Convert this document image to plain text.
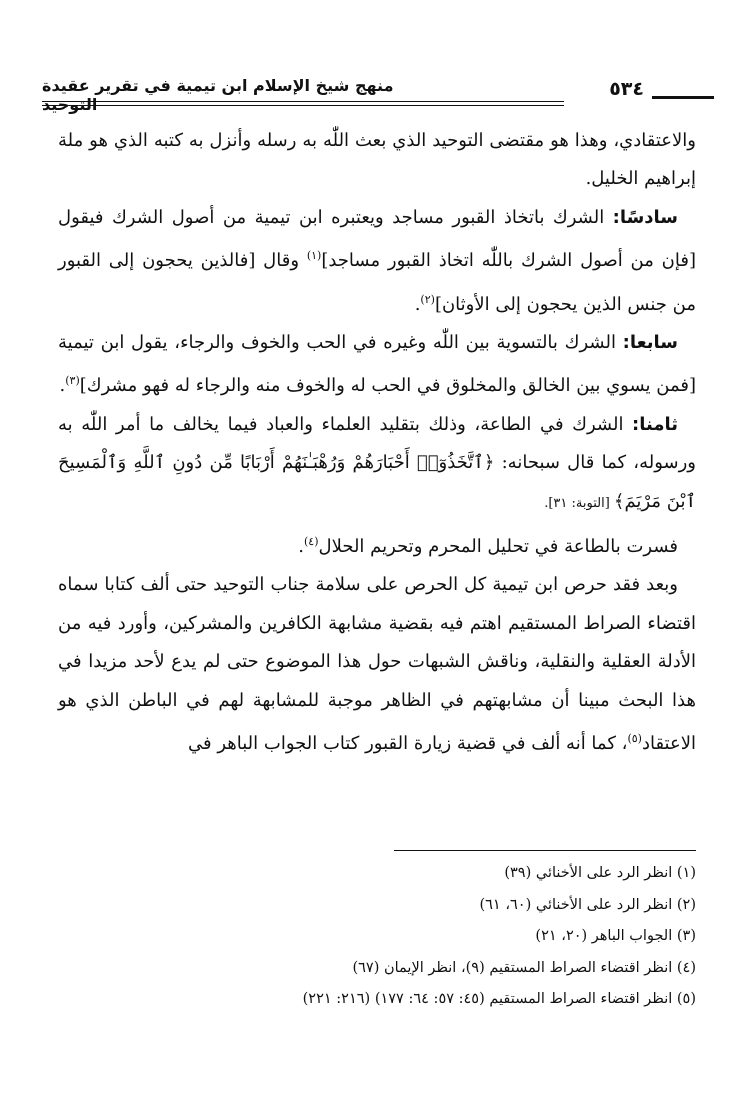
منهج شيخ الإسلام ابن تيمية في تقرير عقيدة التوحيد
٥٣٤

والاعتقادي، وهذا هو مقتضى التوحيد الذي بعث اللّٰه به رسله وأنزل به كتبه الذي هو ملة إبراهيم الخليل.

 سادسًا: الشرك باتخاذ القبور مساجد ويعتبره ابن تيمية من أصول الشرك فيقول [فإن من أصول الشرك باللّٰه اتخاذ القبور مساجد]$^{(١)}$ وقال [فالذين يحجون إلى القبور من جنس الذين يحجون إلى الأوثان]$^{(٢)}$.

 سابعا: الشرك بالتسوية بين اللّٰه وغيره في الحب والخوف والرجاء، يقول ابن تيمية [فمن يسوي بين الخالق والمخلوق في الحب له والخوف منه والرجاء له فهو مشرك]$^{(٣)}$.

 ثامنا: الشرك في الطاعة، وذلك بتقليد العلماء والعباد فيما يخالف ما أمر اللّٰه به ورسوله، كما قال سبحانه: ﴿ٱتَّخَذُوٓا۟ أَحْبَارَهُمْ وَرُهْبَـٰنَهُمْ أَرْبَابًا مِّن دُونِ ٱللَّهِ وَٱلْمَسِيحَ ٱبْنَ مَرْيَمَ﴾ [التوبة: ٣١].

 فسرت بالطاعة في تحليل المحرم وتحريم الحلال$^{(٤)}$.

 وبعد فقد حرص ابن تيمية كل الحرص على سلامة جناب التوحيد حتى ألف كتابا سماه اقتضاء الصراط المستقيم اهتم فيه بقضية مشابهة الكافرين والمشركين، وأورد فيه من الأدلة العقلية والنقلية، وناقش الشبهات حول هذا الموضوع حتى لم يدع لأحد مزيدا في هذا البحث مبينا أن مشابهتهم في الظاهر موجبة للمشابهة لهم في الباطن الذي هو الاعتقاد$^{(٥)}$، كما أنه ألف في قضية زيارة القبور كتاب الجواب الباهر في

(١) انظر الرد على الأخنائي (٣٩)
(٢) انظر الرد على الأخنائي (٦٠، ٦١)
(٣) الجواب الباهر (٢٠، ٢١)
(٤) انظر اقتضاء الصراط المستقيم (٩)، انظر الإيمان (٦٧)
(٥) انظر اقتضاء الصراط المستقيم (٤٥: ٥٧: ٦٤: ١٧٧) (٢١٦: ٢٢١)
